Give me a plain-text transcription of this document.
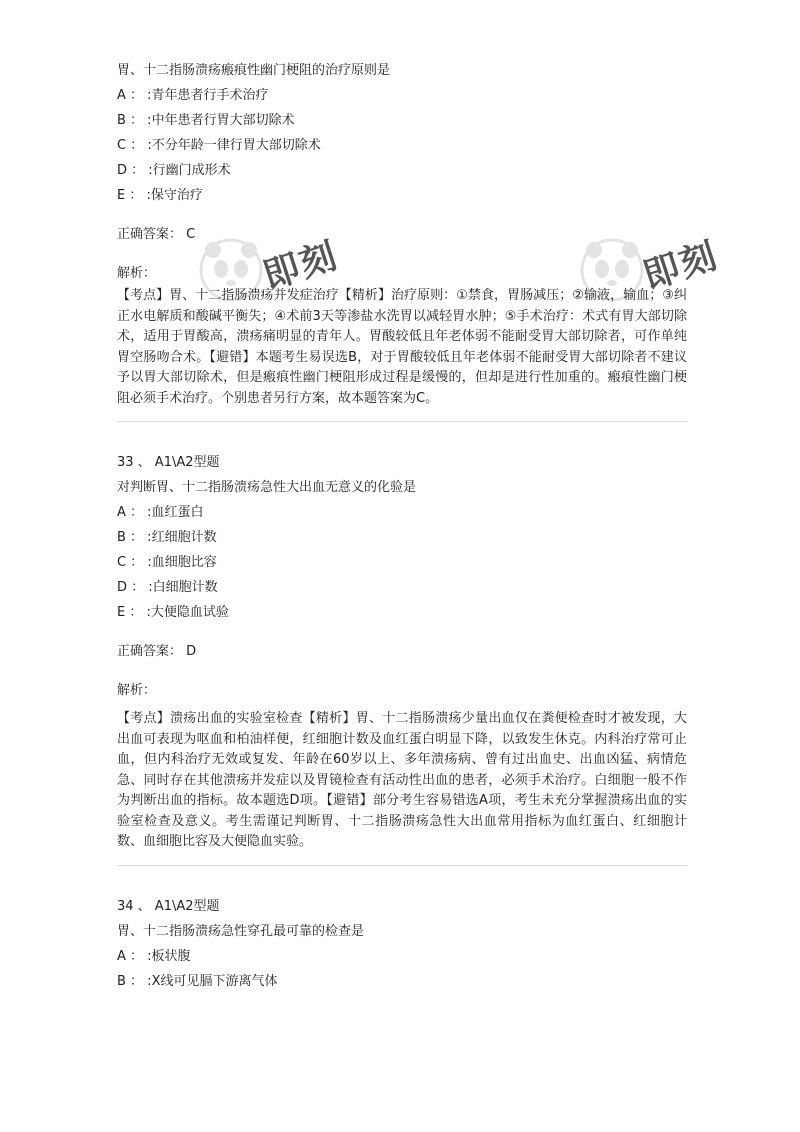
即刻	即刻
胃、十二指肠溃疡瘢痕性幽门梗阻的治疗原则是
A ： :青年患者行手术治疗
B ： :中年患者行胃大部切除术
C ： :不分年龄一律行胃大部切除术
D ： :行幽门成形术
E ： :保守治疗
正确答案： C
解析：
【考点】胃、十二指肠溃疡并发症治疗【精析】治疗原则：①禁食，胃肠减压；②输液，输血；③纠正水电解质和酸碱平衡失；④术前3天等渗盐水洗胃以减轻胃水肿；⑤手术治疗：术式有胃大部切除术，适用于胃酸高，溃疡痛明显的青年人。胃酸较低且年老体弱不能耐受胃大部切除者，可作单纯胃空肠吻合术。【避错】本题考生易误选B，对于胃酸较低且年老体弱不能耐受胃大部切除者不建议予以胃大部切除术，但是瘢痕性幽门梗阻形成过程是缓慢的，但却是进行性加重的。瘢痕性幽门梗阻必须手术治疗。个别患者另行方案，故本题答案为C。
33 、 A1\A2型题
对判断胃、十二指肠溃疡急性大出血无意义的化验是
A ： :血红蛋白
B ： :红细胞计数
C ： :血细胞比容
D ： :白细胞计数
E ： :大便隐血试验
正确答案： D
解析：
【考点】溃疡出血的实验室检查【精析】胃、十二指肠溃疡少量出血仅在粪便检查时才被发现，大出血可表现为呕血和柏油样便，红细胞计数及血红蛋白明显下降，以致发生休克。内科治疗常可止血，但内科治疗无效或复发、年龄在60岁以上、多年溃疡病、曾有过出血史、出血凶猛、病情危急、同时存在其他溃疡并发症以及胃镜检查有活动性出血的患者，必须手术治疗。白细胞一般不作为判断出血的指标。故本题选D项。【避错】部分考生容易错选A项，考生未充分掌握溃疡出血的实验室检查及意义。考生需谨记判断胃、十二指肠溃疡急性大出血常用指标为血红蛋白、红细胞计数、血细胞比容及大便隐血实验。
34 、 A1\A2型题
胃、十二指肠溃疡急性穿孔最可靠的检查是
A ： :板状腹
B ： :X线可见膈下游离气体
